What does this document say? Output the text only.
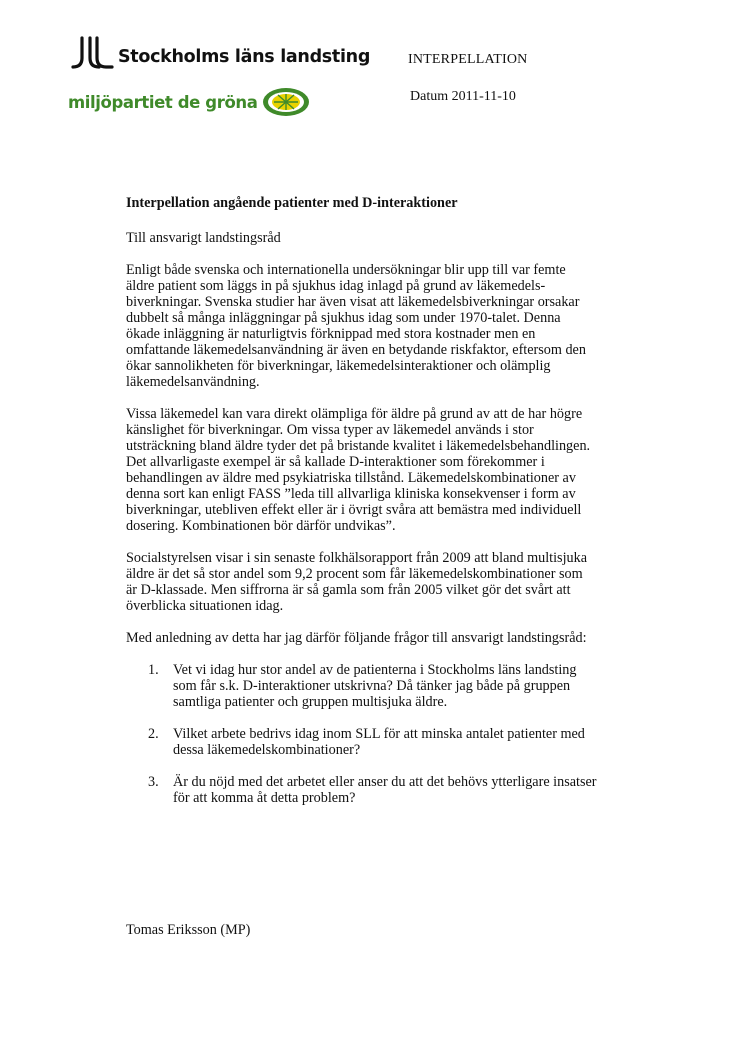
Stockholms läns landsting
miljöpartiet de gröna
INTERPELLATION
Datum 2011-11-10

Interpellation angående patienter med D-interaktioner

Till ansvarigt landstingsråd

Enligt både svenska och internationella undersökningar blir upp till var femte
äldre patient som läggs in på sjukhus idag inlagd på grund av läkemedels-
biverkningar. Svenska studier har även visat att läkemedelsbiverkningar orsakar
dubbelt så många inläggningar på sjukhus idag som under 1970-talet. Denna
ökade inläggning är naturligtvis förknippad med stora kostnader men en
omfattande läkemedelsanvändning är även en betydande riskfaktor, eftersom den
ökar sannolikheten för biverkningar, läkemedelsinteraktioner och olämplig
läkemedelsanvändning.

Vissa läkemedel kan vara direkt olämpliga för äldre på grund av att de har högre
känslighet för biverkningar. Om vissa typer av läkemedel används i stor
utsträckning bland äldre tyder det på bristande kvalitet i läkemedelsbehandlingen.
Det allvarligaste exempel är så kallade D-interaktioner som förekommer i
behandlingen av äldre med psykiatriska tillstånd. Läkemedelskombinationer av
denna sort kan enligt FASS ”leda till allvarliga kliniska konsekvenser i form av
biverkningar, utebliven effekt eller är i övrigt svåra att bemästra med individuell
dosering. Kombinationen bör därför undvikas”.

Socialstyrelsen visar i sin senaste folkhälsorapport från 2009 att bland multisjuka
äldre är det så stor andel som 9,2 procent som får läkemedelskombinationer som
är D-klassade. Men siffrorna är så gamla som från 2005 vilket gör det svårt att
överblicka situationen idag.

Med anledning av detta har jag därför följande frågor till ansvarigt landstingsråd:

1. Vet vi idag hur stor andel av de patienterna i Stockholms läns landsting
som får s.k. D-interaktioner utskrivna? Då tänker jag både på gruppen
samtliga patienter och gruppen multisjuka äldre.
2. Vilket arbete bedrivs idag inom SLL för att minska antalet patienter med
dessa läkemedelskombinationer?
3. Är du nöjd med det arbetet eller anser du att det behövs ytterligare insatser
för att komma åt detta problem?
Tomas Eriksson (MP)
